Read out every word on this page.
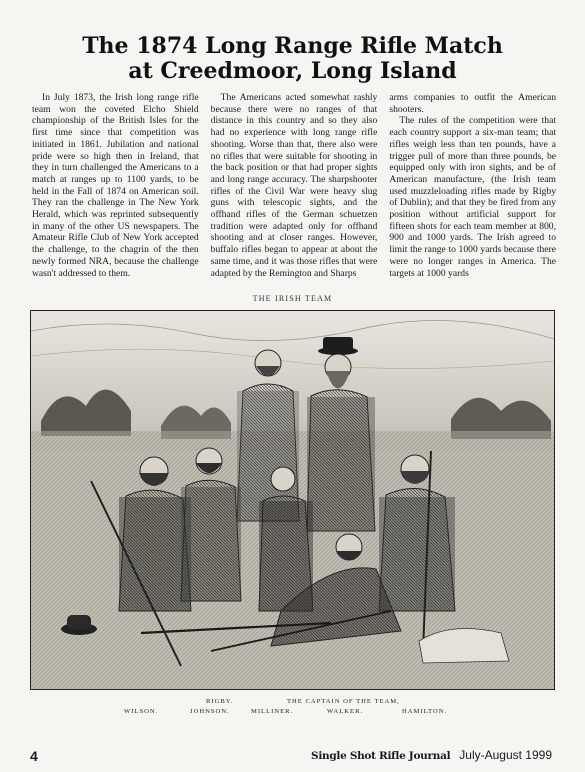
The 1874 Long Range Rifle Match
at Creedmoor, Long Island

In July 1873, the Irish long range rifle team won the coveted Elcho Shield championship of the British Isles for the first time since that competition was initiated in 1861. Jubilation and national pride were so high then in Ireland, that they in turn challenged the Americans to a match at ranges up to 1100 yards, to be held in the Fall of 1874 on American soil. They ran the challenge in The New York Herald, which was reprinted subsequently in many of the other US newspapers. The Amateur Rifle Club of New York accepted the challenge, to the chagrin of the then newly formed NRA, because the challenge wasn't addressed to them.

The Americans acted somewhat rashly because there were no ranges of that distance in this country and so they also had no experience with long range rifle shooting. Worse than that, there also were no rifles that were suitable for shooting in the back position or that had proper sights and long range accuracy. The sharpshooter rifles of the Civil War were heavy slug guns with telescopic sights, and the offhand rifles of the German schuetzen tradition were adapted only for offhand shooting and at closer ranges. However, buffalo rifles began to appear at about the same time, and it was those rifles that were adapted by the Remington and Sharps

arms companies to outfit the American shooters.

The rules of the competition were that each country support a six-man team; that rifles weigh less than ten pounds, have a trigger pull of more than three pounds, be equipped only with iron sights, and be of American manufacture, (the Irish team used muzzleloading rifles made by Rigby of Dublin); and that they be fired from any position without artificial support for fifteen shots for each team member at 800, 900 and 1000 yards. The Irish agreed to limit the range to 1000 yards because there were no longer ranges in America. The targets at 1000 yards

THE IRISH TEAM
RIGBY.	THE CAPTAIN OF THE TEAM,
WILSON.	JOHNSON.	MILLINER.	WALKER.	HAMILTON.
4	Single Shot Rifle Journal July-August 1999
